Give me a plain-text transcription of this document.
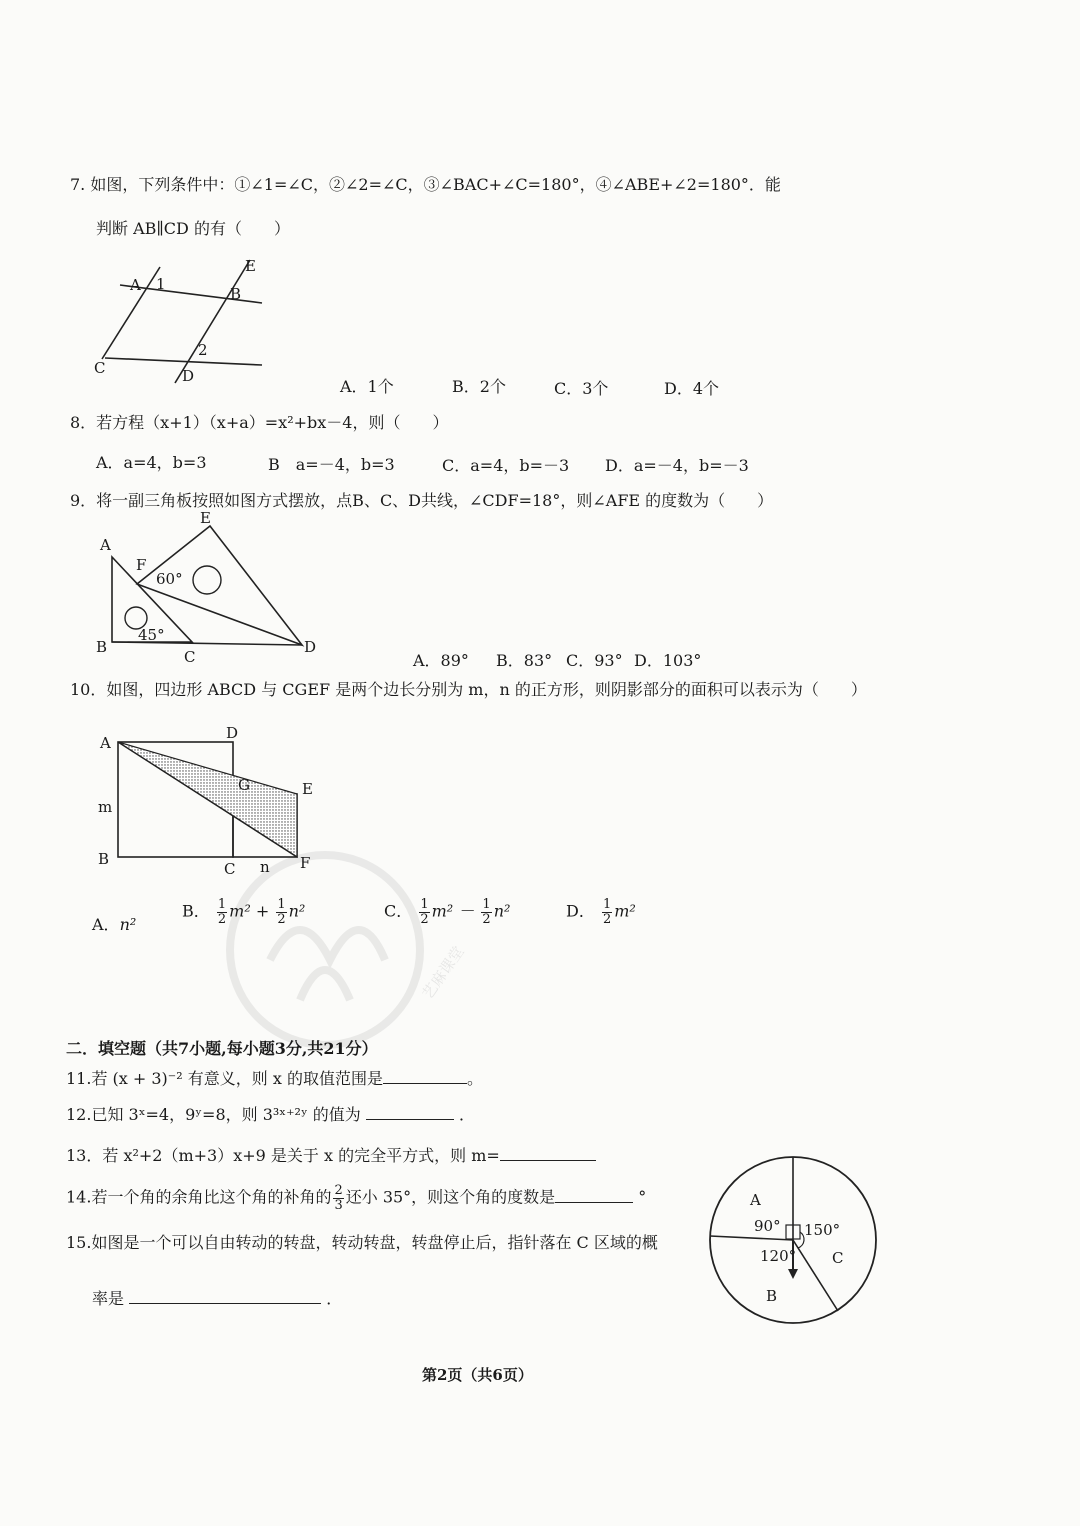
艺麻课堂
7. 如图，下列条件中：①∠1=∠C，②∠2=∠C，③∠BAC+∠C=180°，④∠ABE+∠2=180°．能
判断 AB∥CD 的有（　　）
A 1
B
E
C	D
2
A．1个	B．2个	C．3个	D．4个
8．若方程（x+1）（x+a）=x²+bx－4，则（　　）
A．a=4，b=3	B　a=－4，b=3	C．a=4，b=－3 D．a=－4，b=－3
9．将一副三角板按照如图方式摆放，点B、C、D共线，∠CDF=18°，则∠AFE 的度数为（　　）
E
A
F
60°
45°
B
C
D
A．89° B．83° C．93° D．103°
10．如图，四边形 ABCD 与 CGEF 是两个边长分别为 m，n 的正方形，则阴影部分的面积可以表示为（　　）
A
D
G	E
m
B
C n F
A．n²
B． $\frac{1}{2} m^2 + \frac{1}{2} n^2$	C． $\frac{1}{2} m^2 - \frac{1}{2} n^2$	D． $\frac{1}{2} m^2$
二．填空题（共7小题,每小题3分,共21分）
11.若 (x + 3)⁻² 有意义，则 x 的取值范围是	。
12.已知 3ˣ=4，9ʸ=8，则 3³ˣ⁺²ʸ 的值为	．
13．若 x²+2（m+3）x+9 是关于 x 的完全平方式，则 m=
14.若一个角的余角比这个角的补角的 $\frac{2}{3}$ 还小 35°，则这个角的度数是	°
15.如图是一个可以自由转动的转盘，转动转盘，转盘停止后，指针落在 C 区域的概
率是	．
A
90° 150°
120° C
B
第2页（共6页）
